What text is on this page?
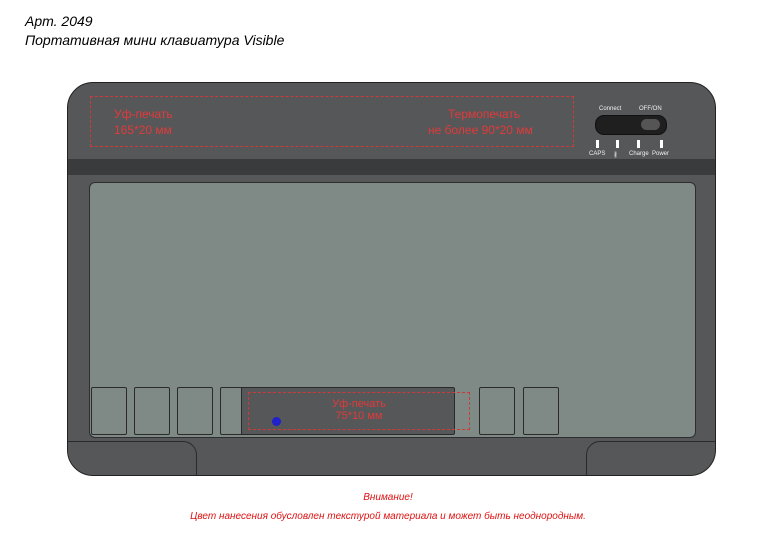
Арт. 2049
Портативная мини клавиатура Visible
Уф-печать
165*20 мм
Термопечать
не более 90*20 мм
Connect	OFF/ON
CAPS ∦ Charge Power
Уф-печать
75*10 мм
Внимание!
Цвет нанесения обусловлен текстурой материала и может быть неоднородным.
